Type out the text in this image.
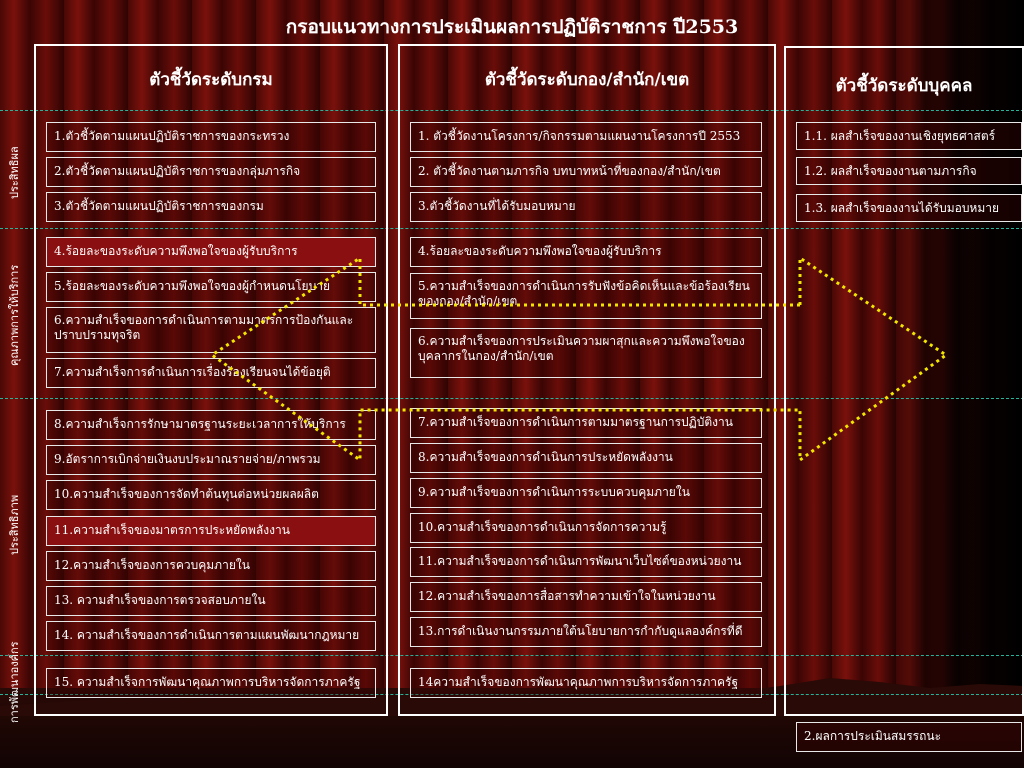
กรอบแนวทางการประเมินผลการปฏิบัติราชการ ปี2553
ประสิทธิผล
คุณภาพการให้บริการ
ประสิทธิภาพ
การพัฒนาองค์กร
ตัวชี้วัดระดับกรม
1.ตัวชี้วัดตามแผนปฏิบัติราชการของกระทรวง
2.ตัวชี้วัดตามแผนปฏิบัติราชการของกลุ่มภารกิจ
3.ตัวชี้วัดตามแผนปฏิบัติราชการของกรม
4.ร้อยละของระดับความพึงพอใจของผู้รับบริการ
5.ร้อยละของระดับความพึงพอใจของผู้กำหนดนโยบาย
6.ความสำเร็จของการดำเนินการตามมาตรการป้องกันและปราบปรามทุจริต
7.ความสำเร็จการดำเนินการเรื่องร้องเรียนจนได้ข้อยุติ
8.ความสำเร็จการรักษามาตรฐานระยะเวลาการให้บริการ
9.อัตราการเบิกจ่ายเงินงบประมาณรายจ่าย/ภาพรวม
10.ความสำเร็จของการจัดทำต้นทุนต่อหน่วยผลผลิต
11.ความสำเร็จของมาตรการประหยัดพลังงาน
12.ความสำเร็จของการควบคุมภายใน
13. ความสำเร็จของการตรวจสอบภายใน
14. ความสำเร็จของการดำเนินการตามแผนพัฒนากฎหมาย
15. ความสำเร็จการพัฒนาคุณภาพการบริหารจัดการภาครัฐ
ตัวชี้วัดระดับกอง/สำนัก/เขต
1. ตัวชี้วัดงานโครงการ/กิจกรรมตามแผนงานโครงการปี 2553
2. ตัวชี้วัดงานตามภารกิจ บทบาทหน้าที่ของกอง/สำนัก/เขต
3.ตัวชี้วัดงานที่ได้รับมอบหมาย
4.ร้อยละของระดับความพึงพอใจของผู้รับบริการ
5.ความสำเร็จของการดำเนินการรับฟังข้อคิดเห็นและข้อร้องเรียนของกอง/สำนัก/เขต
6.ความสำเร็จของการประเมินความผาสุกและความพึงพอใจของบุคลากรในกอง/สำนัก/เขต
7.ความสำเร็จของการดำเนินการตามมาตรฐานการปฏิบัติงาน
8.ความสำเร็จของการดำเนินการประหยัดพลังงาน
9.ความสำเร็จของการดำเนินการระบบควบคุมภายใน
10.ความสำเร็จของการดำเนินการจัดการความรู้
11.ความสำเร็จของการดำเนินการพัฒนาเว็บไซต์ของหน่วยงาน
12.ความสำเร็จของการสื่อสารทำความเข้าใจในหน่วยงาน
13.การดำเนินงานกรรมภายใต้นโยบายการกำกับดูแลองค์กรที่ดี
14ความสำเร็จของการพัฒนาคุณภาพการบริหารจัดการภาครัฐ
ตัวชี้วัดระดับบุคคล
1.1. ผลสำเร็จของงานเชิงยุทธศาสตร์
1.2. ผลสำเร็จของงานตามภารกิจ
1.3. ผลสำเร็จของงานได้รับมอบหมาย
2.ผลการประเมินสมรรถนะ
